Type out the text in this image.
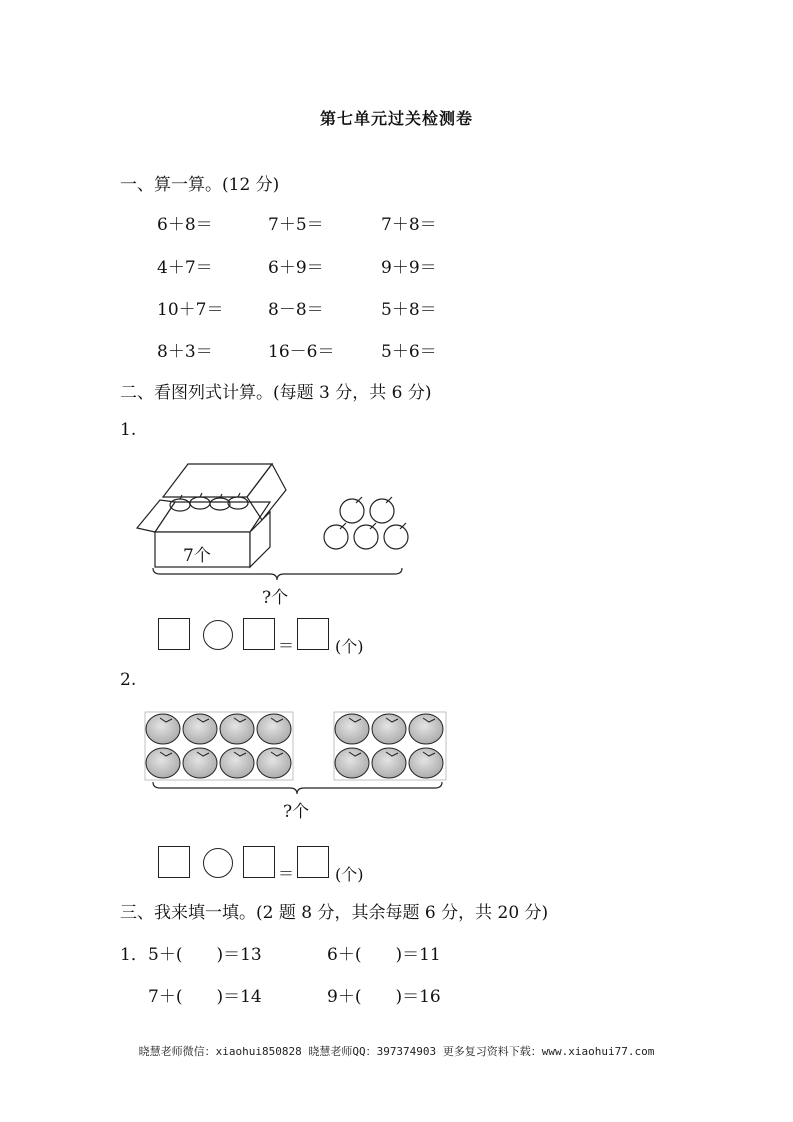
第七单元过关检测卷
一、算一算。(12 分)
6＋8＝	7＋5＝	7＋8＝
4＋7＝	6＋9＝	9＋9＝
10＋7＝	8－8＝	5＋8＝
8＋3＝	16－6＝	5＋6＝
二、看图列式计算。(每题 3 分，共 6 分)
1.
7个
?个
＝	(个)
2.
?个
＝	(个)
三、我来填一填。(2 题 8 分，其余每题 6 分，共 20 分)
1． 5＋(　　)＝13	6＋(　　)＝11
7＋(　　)＝14	9＋(　　)＝16
晓慧老师微信：xiaohui850828 晓慧老师QQ：397374903 更多复习资料下载：www.xiaohui77.com
